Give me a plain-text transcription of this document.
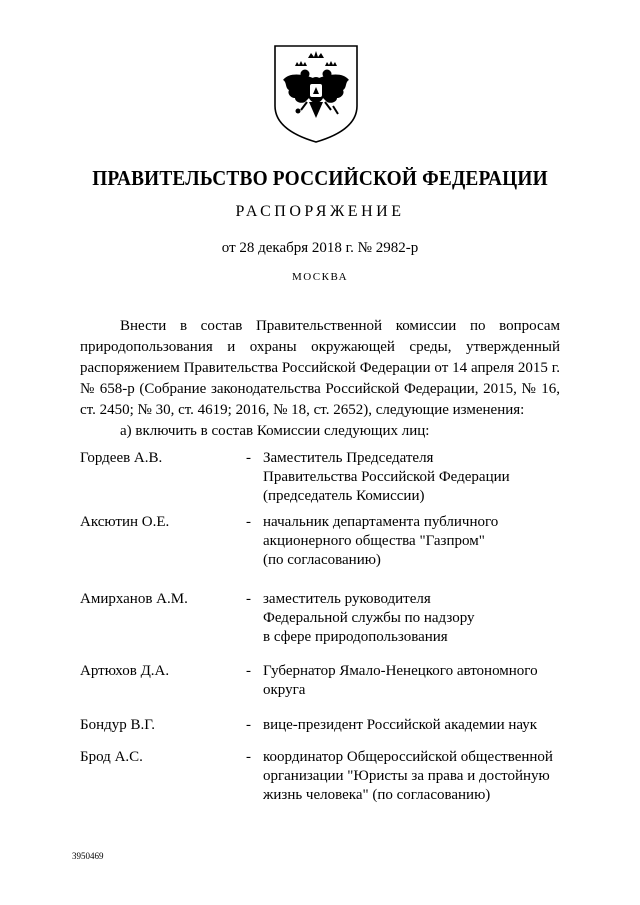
ПРАВИТЕЛЬСТВО РОССИЙСКОЙ ФЕДЕРАЦИИ
РАСПОРЯЖЕНИЕ
от 28 декабря 2018 г. № 2982-р
МОСКВА

Внести в состав Правительственной комиссии по вопросам природопользования и охраны окружающей среды, утвержденный распоряжением Правительства Российской Федерации от 14 апреля 2015 г. № 658-р (Собрание законодательства Российской Федерации, 2015, № 16, ст. 2450; № 30, ст. 4619; 2016, № 18, ст. 2652), следующие изменения:

а) включить в состав Комиссии следующих лиц:

Гордеев А.В.	- Заместитель Председателя
Правительства Российской Федерации
(председатель Комиссии)
Аксютин О.Е.	- начальник департамента публичного
акционерного общества "Газпром"
(по согласованию)
Амирханов А.М.	- заместитель руководителя
Федеральной службы по надзору
в сфере природопользования
Артюхов Д.А.	- Губернатор Ямало-Ненецкого автономного
округа
Бондур В.Г.	- вице-президент Российской академии наук
Брод А.С.	- координатор Общероссийской общественной
организации "Юристы за права и достойную
жизнь человека" (по согласованию)
3950469
